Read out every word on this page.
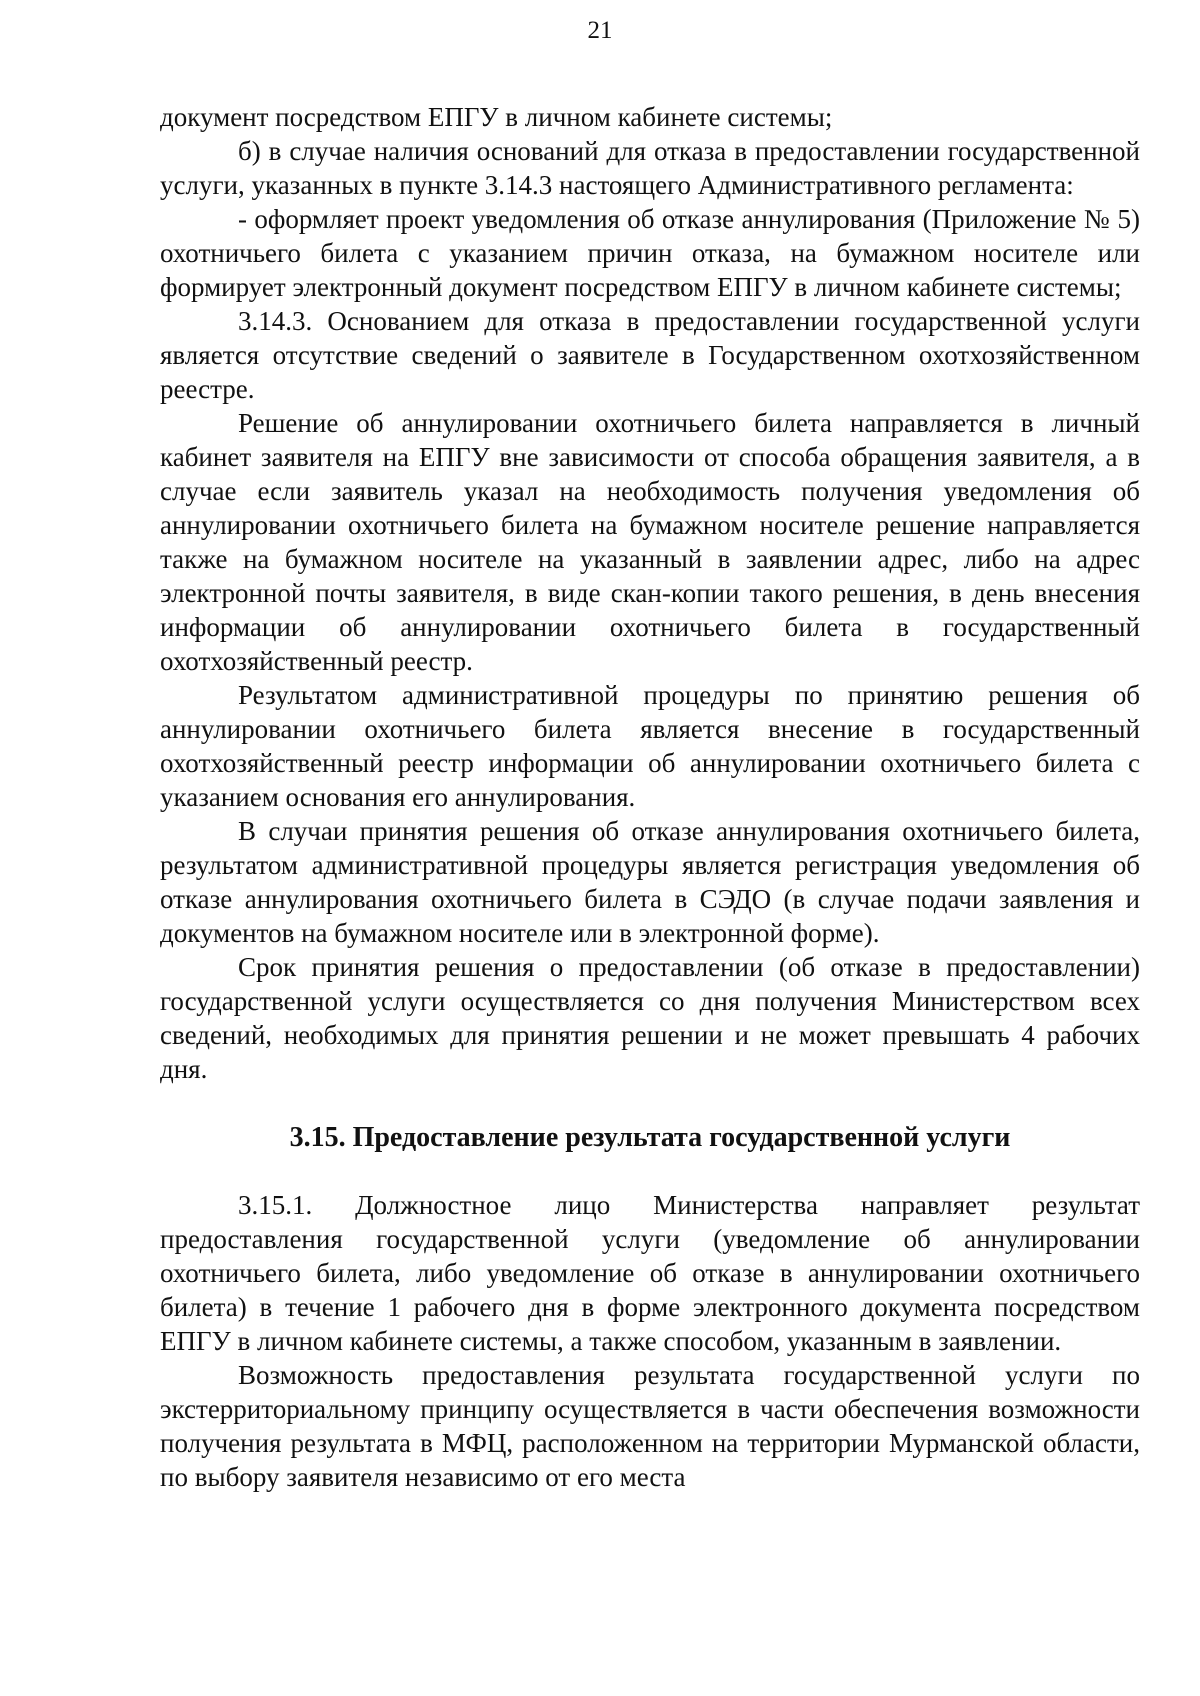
21

документ посредством ЕПГУ в личном кабинете системы;

б) в случае наличия оснований для отказа в предоставлении государственной услуги, указанных в пункте 3.14.3 настоящего Административного регламента:

- оформляет проект уведомления об отказе аннулирования (Приложение № 5) охотничьего билета с указанием причин отказа, на бумажном носителе или формирует электронный документ посредством ЕПГУ в личном кабинете системы;

3.14.3. Основанием для отказа в предоставлении государственной услуги является отсутствие сведений о заявителе в Государственном охотхозяйственном реестре.

Решение об аннулировании охотничьего билета направляется в личный кабинет заявителя на ЕПГУ вне зависимости от способа обращения заявителя, а в случае если заявитель указал на необходимость получения уведомления об аннулировании охотничьего билета на бумажном носителе решение направляется также на бумажном носителе на указанный в заявлении адрес, либо на адрес электронной почты заявителя, в виде скан-копии такого решения, в день внесения информации об аннулировании охотничьего билета в государственный охотхозяйственный реестр.

Результатом административной процедуры по принятию решения об аннулировании охотничьего билета является внесение в государственный охотхозяйственный реестр информации об аннулировании охотничьего билета с указанием основания его аннулирования.

В случаи принятия решения об отказе аннулирования охотничьего билета, результатом административной процедуры является регистрация уведомления об отказе аннулирования охотничьего билета в СЭДО (в случае подачи заявления и документов на бумажном носителе или в электронной форме).

Срок принятия решения о предоставлении (об отказе в предоставлении) государственной услуги осуществляется со дня получения Министерством всех сведений, необходимых для принятия решении и не может превышать 4 рабочих дня.

3.15. Предоставление результата государственной услуги

3.15.1. Должностное лицо Министерства направляет результат предоставления государственной услуги (уведомление об аннулировании охотничьего билета, либо уведомление об отказе в аннулировании охотничьего билета) в течение 1 рабочего дня в форме электронного документа посредством ЕПГУ в личном кабинете системы, а также способом, указанным в заявлении.

Возможность предоставления результата государственной услуги по экстерриториальному принципу осуществляется в части обеспечения возможности получения результата в МФЦ, расположенном на территории Мурманской области, по выбору заявителя независимо от его места
